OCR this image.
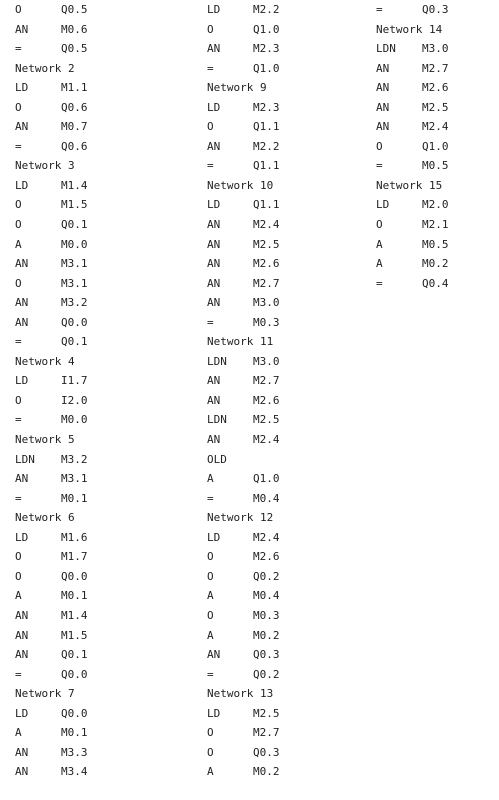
O	Q0.5
AN	M0.6
=	Q0.5
Network 2
LD	M1.1
O	Q0.6
AN	M0.7
=	Q0.6
Network 3
LD	M1.4
O	M1.5
O	Q0.1
A	M0.0
AN	M3.1
O	M3.1
AN	M3.2
AN	Q0.0
=	Q0.1
Network 4
LD	I1.7
O	I2.0
=	M0.0
Network 5
LDN M3.2
AN	M3.1
=	M0.1
Network 6
LD	M1.6
O	M1.7
O	Q0.0
A	M0.1
AN	M1.4
AN	M1.5
AN	Q0.1
=	Q0.0
Network 7
LD	Q0.0
A	M0.1
AN	M3.3
AN	M3.4
LD	M2.2
O	Q1.0
AN	M2.3
=	Q1.0
Network 9
LD	M2.3
O	Q1.1
AN	M2.2
=	Q1.1
Network 10
LD	Q1.1
AN	M2.4
AN	M2.5
AN	M2.6
AN	M2.7
AN	M3.0
=	M0.3
Network 11
LDN M3.0
AN	M2.7
AN	M2.6
LDN M2.5
AN	M2.4
OLD
A	Q1.0
=	M0.4
Network 12
LD	M2.4
O	M2.6
O	Q0.2
A	M0.4
O	M0.3
A	M0.2
AN	Q0.3
=	Q0.2
Network 13
LD	M2.5
O	M2.7
O	Q0.3
A	M0.2
=	Q0.3
Network 14
LDN M3.0
AN	M2.7
AN	M2.6
AN	M2.5
AN	M2.4
O	Q1.0
=	M0.5
Network 15
LD	M2.0
O	M2.1
A	M0.5
A	M0.2
=	Q0.4
